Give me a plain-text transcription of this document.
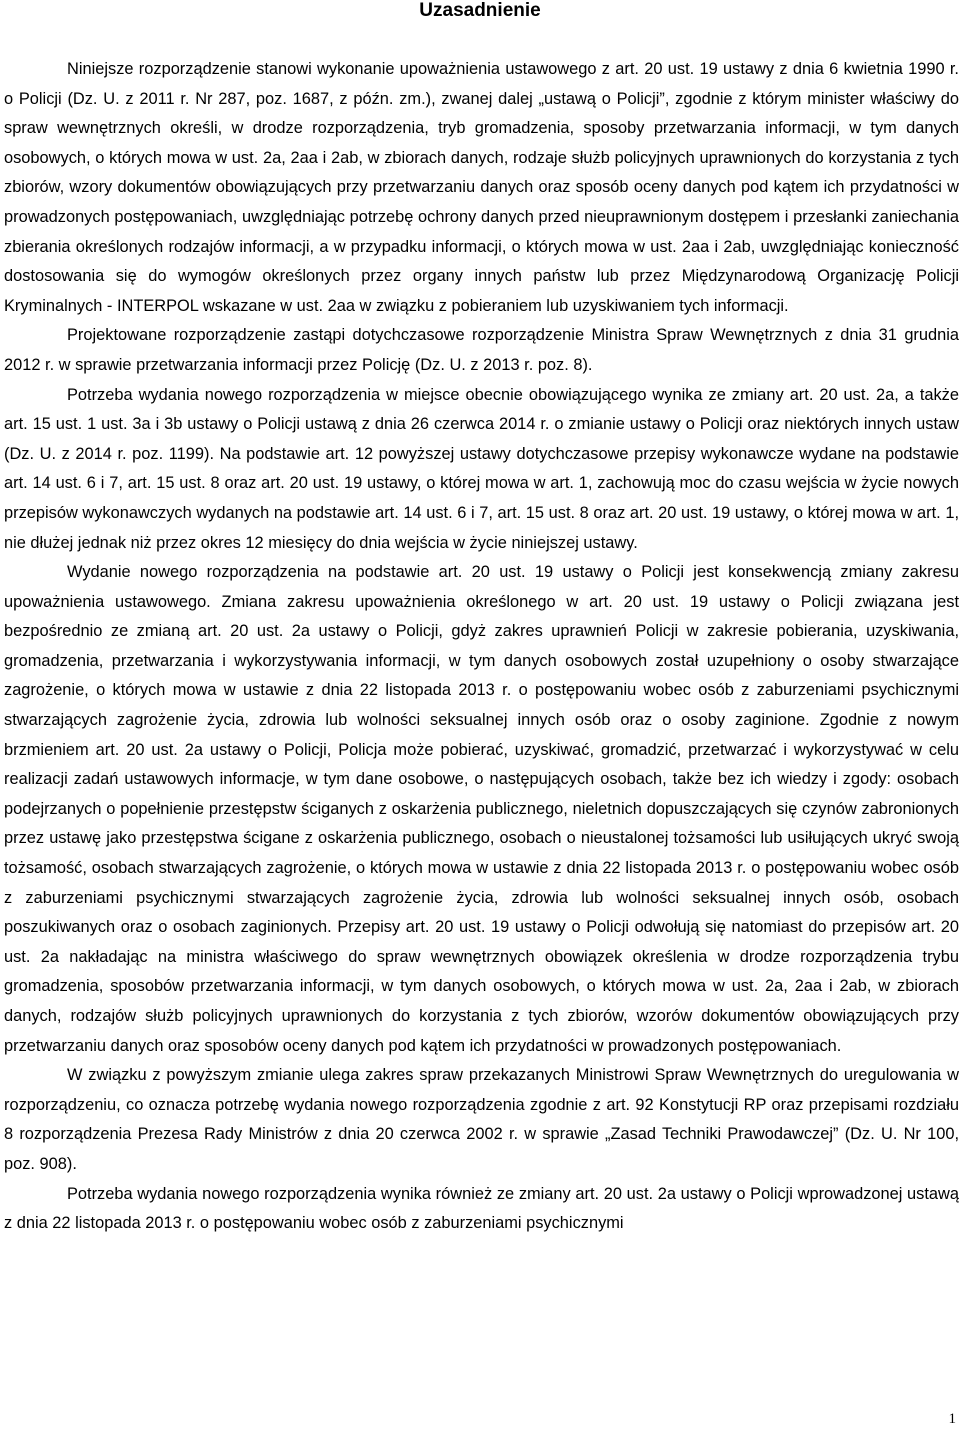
Uzasadnienie

Niniejsze rozporządzenie stanowi wykonanie upoważnienia ustawowego z art. 20 ust. 19 ustawy z dnia 6 kwietnia 1990 r. o Policji (Dz. U. z 2011 r. Nr 287, poz. 1687, z późn. zm.), zwanej dalej „ustawą o Policji”, zgodnie z którym minister właściwy do spraw wewnętrznych określi, w drodze rozporządzenia, tryb gromadzenia, sposoby przetwarzania informacji, w tym danych osobowych, o których mowa w ust. 2a, 2aa i 2ab, w zbiorach danych, rodzaje służb policyjnych uprawnionych do korzystania z tych zbiorów, wzory dokumentów obowiązujących przy przetwarzaniu danych oraz sposób oceny danych pod kątem ich przydatności w prowadzonych postępowaniach, uwzględniając potrzebę ochrony danych przed nieuprawnionym dostępem i przesłanki zaniechania zbierania określonych rodzajów informacji, a w przypadku informacji, o których mowa w ust. 2aa i 2ab, uwzględniając konieczność dostosowania się do wymogów określonych przez organy innych państw lub przez Międzynarodową Organizację Policji Kryminalnych - INTERPOL wskazane w ust. 2aa w związku z pobieraniem lub uzyskiwaniem tych informacji.

Projektowane rozporządzenie zastąpi dotychczasowe rozporządzenie Ministra Spraw Wewnętrznych z dnia 31 grudnia 2012 r. w sprawie przetwarzania informacji przez Policję (Dz. U. z 2013 r. poz. 8).

Potrzeba wydania nowego rozporządzenia w miejsce obecnie obowiązującego wynika ze zmiany art. 20 ust. 2a, a także art. 15 ust. 1 ust. 3a i 3b ustawy o Policji ustawą z dnia 26 czerwca 2014 r. o zmianie ustawy o Policji oraz niektórych innych ustaw (Dz. U. z 2014 r. poz. 1199). Na podstawie art. 12 powyższej ustawy dotychczasowe przepisy wykonawcze wydane na podstawie art. 14 ust. 6 i 7, art. 15 ust. 8 oraz art. 20 ust. 19 ustawy, o której mowa w art. 1, zachowują moc do czasu wejścia w życie nowych przepisów wykonawczych wydanych na podstawie art. 14 ust. 6 i 7, art. 15 ust. 8 oraz art. 20 ust. 19 ustawy, o której mowa w art. 1, nie dłużej jednak niż przez okres 12 miesięcy do dnia wejścia w życie niniejszej ustawy.

Wydanie nowego rozporządzenia na podstawie art. 20 ust. 19 ustawy o Policji jest konsekwencją zmiany zakresu upoważnienia ustawowego. Zmiana zakresu upoważnienia określonego w art. 20 ust. 19 ustawy o Policji związana jest bezpośrednio ze zmianą art. 20 ust. 2a ustawy o Policji, gdyż zakres uprawnień Policji w zakresie pobierania, uzyskiwania, gromadzenia, przetwarzania i wykorzystywania informacji, w tym danych osobowych został uzupełniony o osoby stwarzające zagrożenie, o których mowa w ustawie z dnia 22 listopada 2013 r. o postępowaniu wobec osób z zaburzeniami psychicznymi stwarzających zagrożenie życia, zdrowia lub wolności seksualnej innych osób oraz o osoby zaginione. Zgodnie z nowym brzmieniem art. 20 ust. 2a ustawy o Policji, Policja może pobierać, uzyskiwać, gromadzić, przetwarzać i wykorzystywać w celu realizacji zadań ustawowych informacje, w tym dane osobowe, o następujących osobach, także bez ich wiedzy i zgody: osobach podejrzanych o popełnienie przestępstw ściganych z oskarżenia publicznego, nieletnich dopuszczających się czynów zabronionych przez ustawę jako przestępstwa ścigane z oskarżenia publicznego, osobach o nieustalonej tożsamości lub usiłujących ukryć swoją tożsamość, osobach stwarzających zagrożenie, o których mowa w ustawie z dnia 22 listopada 2013 r. o postępowaniu wobec osób z zaburzeniami psychicznymi stwarzających zagrożenie życia, zdrowia lub wolności seksualnej innych osób, osobach poszukiwanych oraz o osobach zaginionych. Przepisy art. 20 ust. 19 ustawy o Policji odwołują się natomiast do przepisów art. 20 ust. 2a nakładając na ministra właściwego do spraw wewnętrznych obowiązek określenia w drodze rozporządzenia trybu gromadzenia, sposobów przetwarzania informacji, w tym danych osobowych, o których mowa w ust. 2a, 2aa i 2ab, w zbiorach danych, rodzajów służb policyjnych uprawnionych do korzystania z tych zbiorów, wzorów dokumentów obowiązujących przy przetwarzaniu danych oraz sposobów oceny danych pod kątem ich przydatności w prowadzonych postępowaniach.

W związku z powyższym zmianie ulega zakres spraw przekazanych Ministrowi Spraw Wewnętrznych do uregulowania w rozporządzeniu, co oznacza potrzebę wydania nowego rozporządzenia zgodnie z art. 92 Konstytucji RP oraz przepisami rozdziału 8 rozporządzenia Prezesa Rady Ministrów z dnia 20 czerwca 2002 r. w sprawie „Zasad Techniki Prawodawczej” (Dz. U. Nr 100, poz. 908).

Potrzeba wydania nowego rozporządzenia wynika również ze zmiany art. 20 ust. 2a ustawy o Policji wprowadzonej ustawą z dnia 22 listopada 2013 r. o postępowaniu wobec osób z zaburzeniami psychicznymi

1
